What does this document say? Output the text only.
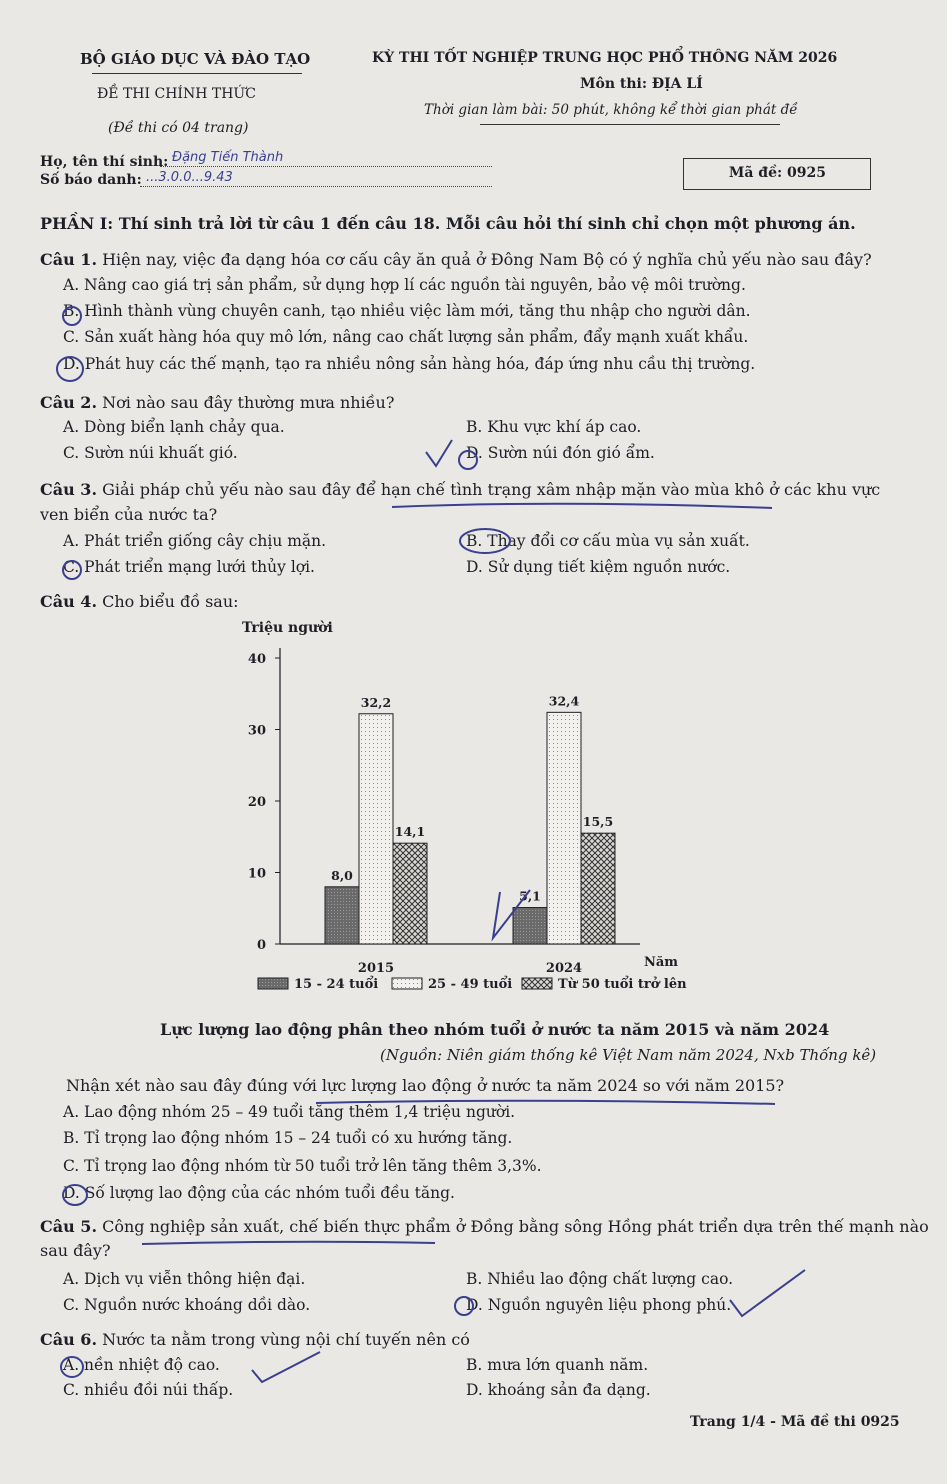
BỘ GIÁO DỤC VÀ ĐÀO TẠO
ĐỀ THI CHÍNH THỨC
(Đề thi có 04 trang)
KỲ THI TỐT NGHIỆP TRUNG HỌC PHỔ THÔNG NĂM 2026
Môn thi: ĐỊA LÍ
Thời gian làm bài: 50 phút, không kể thời gian phát đề
Họ, tên thí sinh: Đặng Tiến Thành
Số báo danh: ...3.0.0...9.43	Mã đề: 0925
PHẦN I: Thí sinh trả lời từ câu 1 đến câu 18. Mỗi câu hỏi thí sinh chỉ chọn một phương án.
Câu 1. Hiện nay, việc đa dạng hóa cơ cấu cây ăn quả ở Đông Nam Bộ có ý nghĩa chủ yếu nào sau đây?
A. Nâng cao giá trị sản phẩm, sử dụng hợp lí các nguồn tài nguyên, bảo vệ môi trường.
B. Hình thành vùng chuyên canh, tạo nhiều việc làm mới, tăng thu nhập cho người dân.
C. Sản xuất hàng hóa quy mô lớn, nâng cao chất lượng sản phẩm, đẩy mạnh xuất khẩu.
D. Phát huy các thế mạnh, tạo ra nhiều nông sản hàng hóa, đáp ứng nhu cầu thị trường.
Câu 2. Nơi nào sau đây thường mưa nhiều?
A. Dòng biển lạnh chảy qua.	B. Khu vực khí áp cao.
C. Sườn núi khuất gió.	D. Sườn núi đón gió ẩm.
Câu 3. Giải pháp chủ yếu nào sau đây để hạn chế tình trạng xâm nhập mặn vào mùa khô ở các khu vực
ven biển của nước ta?
A. Phát triển giống cây chịu mặn.	B. Thay đổi cơ cấu mùa vụ sản xuất.
C. Phát triển mạng lưới thủy lợi.	D. Sử dụng tiết kiệm nguồn nước.
Câu 4. Cho biểu đồ sau:
Triệu người
0
10
20
30
40
Năm
8,0
32,2
14,1
2015
5,1
32,4
15,5
2024
15 - 24 tuổi	25 - 49 tuổi	Từ 50 tuổi trở lên
Lực lượng lao động phân theo nhóm tuổi ở nước ta năm 2015 và năm 2024
(Nguồn: Niên giám thống kê Việt Nam năm 2024, Nxb Thống kê)
Nhận xét nào sau đây đúng với lực lượng lao động ở nước ta năm 2024 so với năm 2015?
A. Lao động nhóm 25 – 49 tuổi tăng thêm 1,4 triệu người.
B. Tỉ trọng lao động nhóm 15 – 24 tuổi có xu hướng tăng.
C. Tỉ trọng lao động nhóm từ 50 tuổi trở lên tăng thêm 3,3%.
D. Số lượng lao động của các nhóm tuổi đều tăng.
Câu 5. Công nghiệp sản xuất, chế biến thực phẩm ở Đồng bằng sông Hồng phát triển dựa trên thế mạnh nào
sau đây?
A. Dịch vụ viễn thông hiện đại.	B. Nhiều lao động chất lượng cao.
C. Nguồn nước khoáng dồi dào.	D. Nguồn nguyên liệu phong phú.
Câu 6. Nước ta nằm trong vùng nội chí tuyến nên có
A. nền nhiệt độ cao.	B. mưa lớn quanh năm.
C. nhiều đồi núi thấp.	D. khoáng sản đa dạng.
Trang 1/4 - Mã đề thi 0925
